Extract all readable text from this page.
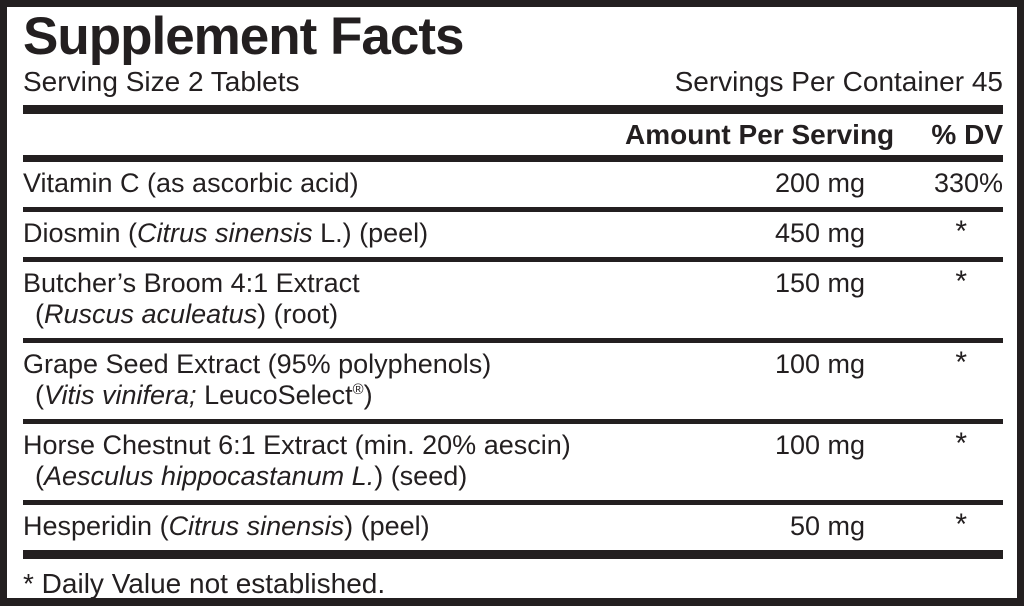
Supplement Facts
Serving Size 2 Tablets	Servings Per Container 45
Amount Per Serving	% DV
Vitamin C (as ascorbic acid)	200 mg	330%
Diosmin (Citrus sinensis L.) (peel)	450 mg	*
Butcher’s Broom 4:1 Extract
(Ruscus aculeatus) (root)
150 mg	*
Grape Seed Extract (95% polyphenols)
(Vitis vinifera; LeucoSelect®)
100 mg	*
Horse Chestnut 6:1 Extract (min. 20% aescin)
(Aesculus hippocastanum L.) (seed)
100 mg	*
Hesperidin (Citrus sinensis) (peel)	50 mg	*
* Daily Value not established.
